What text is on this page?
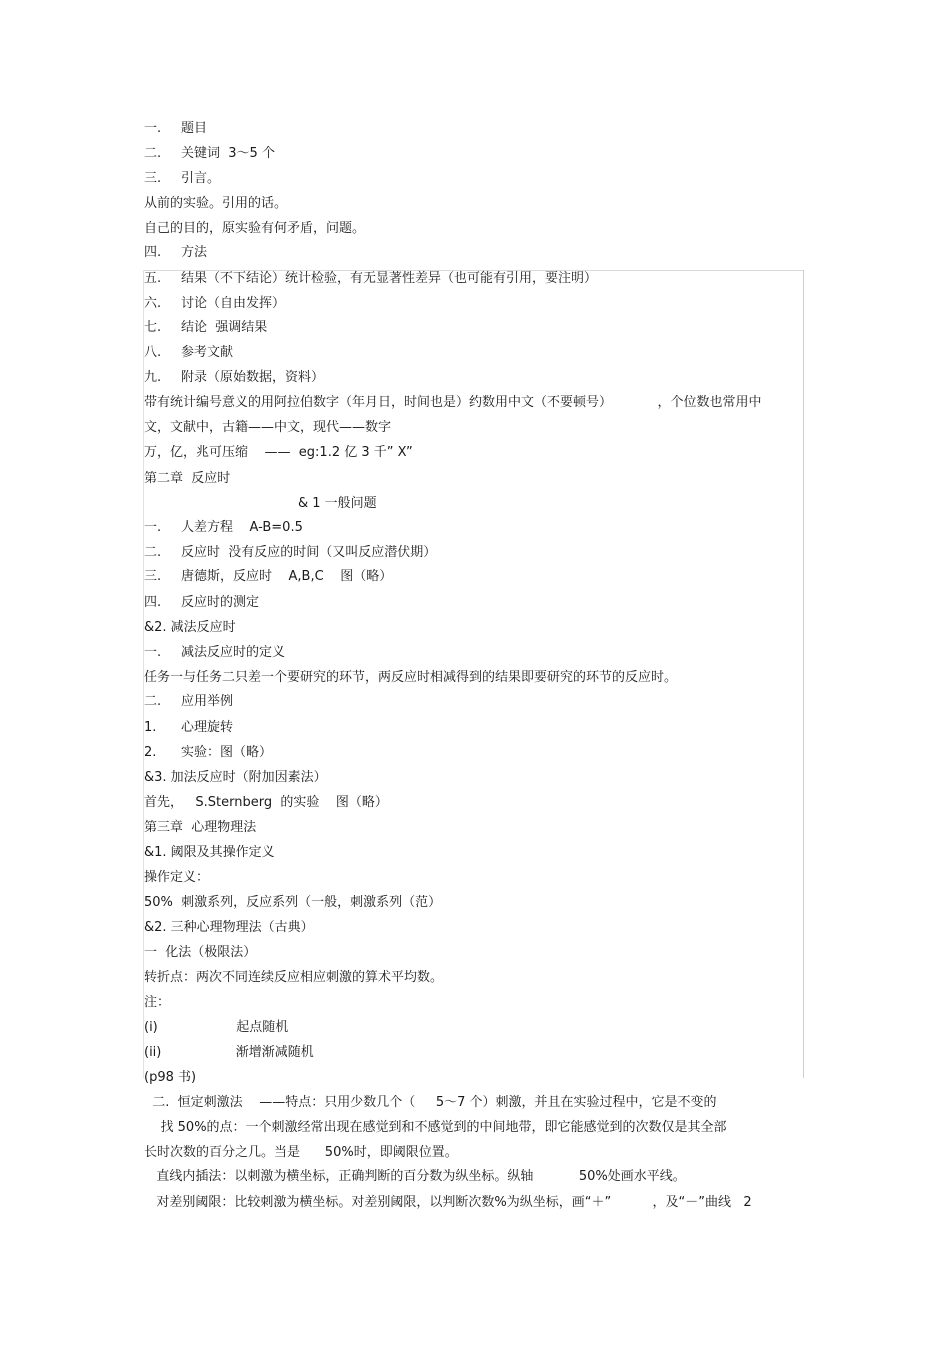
一. 题目
二. 关键词  3～5 个
三. 引言。
从前的实验。引用的话。
自己的目的，原实验有何矛盾，问题。
四. 方法
五. 结果（不下结论）统计检验，有无显著性差异（也可能有引用，要注明）
六. 讨论（自由发挥）
七. 结论  强调结果
八. 参考文献
九. 附录（原始数据，资料）
带有统计编号意义的用阿拉伯数字（年月日，时间也是）约数用中文（不要顿号）           ，个位数也常用中
文，文献中，古籍——中文，现代——数字
万，亿，兆可压缩    ——  eg:1.2 亿 3 千” X”
第二章  反应时
& 1 一般问题
一. 人差方程    A-B=0.5
二. 反应时  没有反应的时间（又叫反应潜伏期）
三. 唐德斯，反应时    A,B,C    图（略）
四. 反应时的测定
&2. 减法反应时
一. 减法反应时的定义
任务一与任务二只差一个要研究的环节，两反应时相减得到的结果即要研究的环节的反应时。
二. 应用举例
1. 心理旋转
2. 实验：图（略）
&3. 加法反应时（附加因素法）
首先，   S.Sternberg  的实验    图（略）
第三章  心理物理法
&1. 阈限及其操作定义
操作定义：
50%  刺激系列，反应系列（一般，刺激系列（范）
&2. 三种心理物理法（古典）
一  化法（极限法）
转折点：两次不同连续反应相应刺激的算术平均数。
注：
(i)                   起点随机
(ii)                  渐增渐减随机
(p98 书)
二.  恒定刺激法    ——特点：只用少数几个（     5～7 个）刺激，并且在实验过程中，它是不变的
找 50%的点：一个刺激经常出现在感觉到和不感觉到的中间地带，即它能感觉到的次数仅是其全部
长时次数的百分之几。当是      50%时，即阈限位置。
直线内插法：以刺激为横坐标，正确判断的百分数为纵坐标。纵轴           50%处画水平线。
对差别阈限：比较刺激为横坐标。对差别阈限，以判断次数%为纵坐标，画“＋”          ，及“－”曲线   2
